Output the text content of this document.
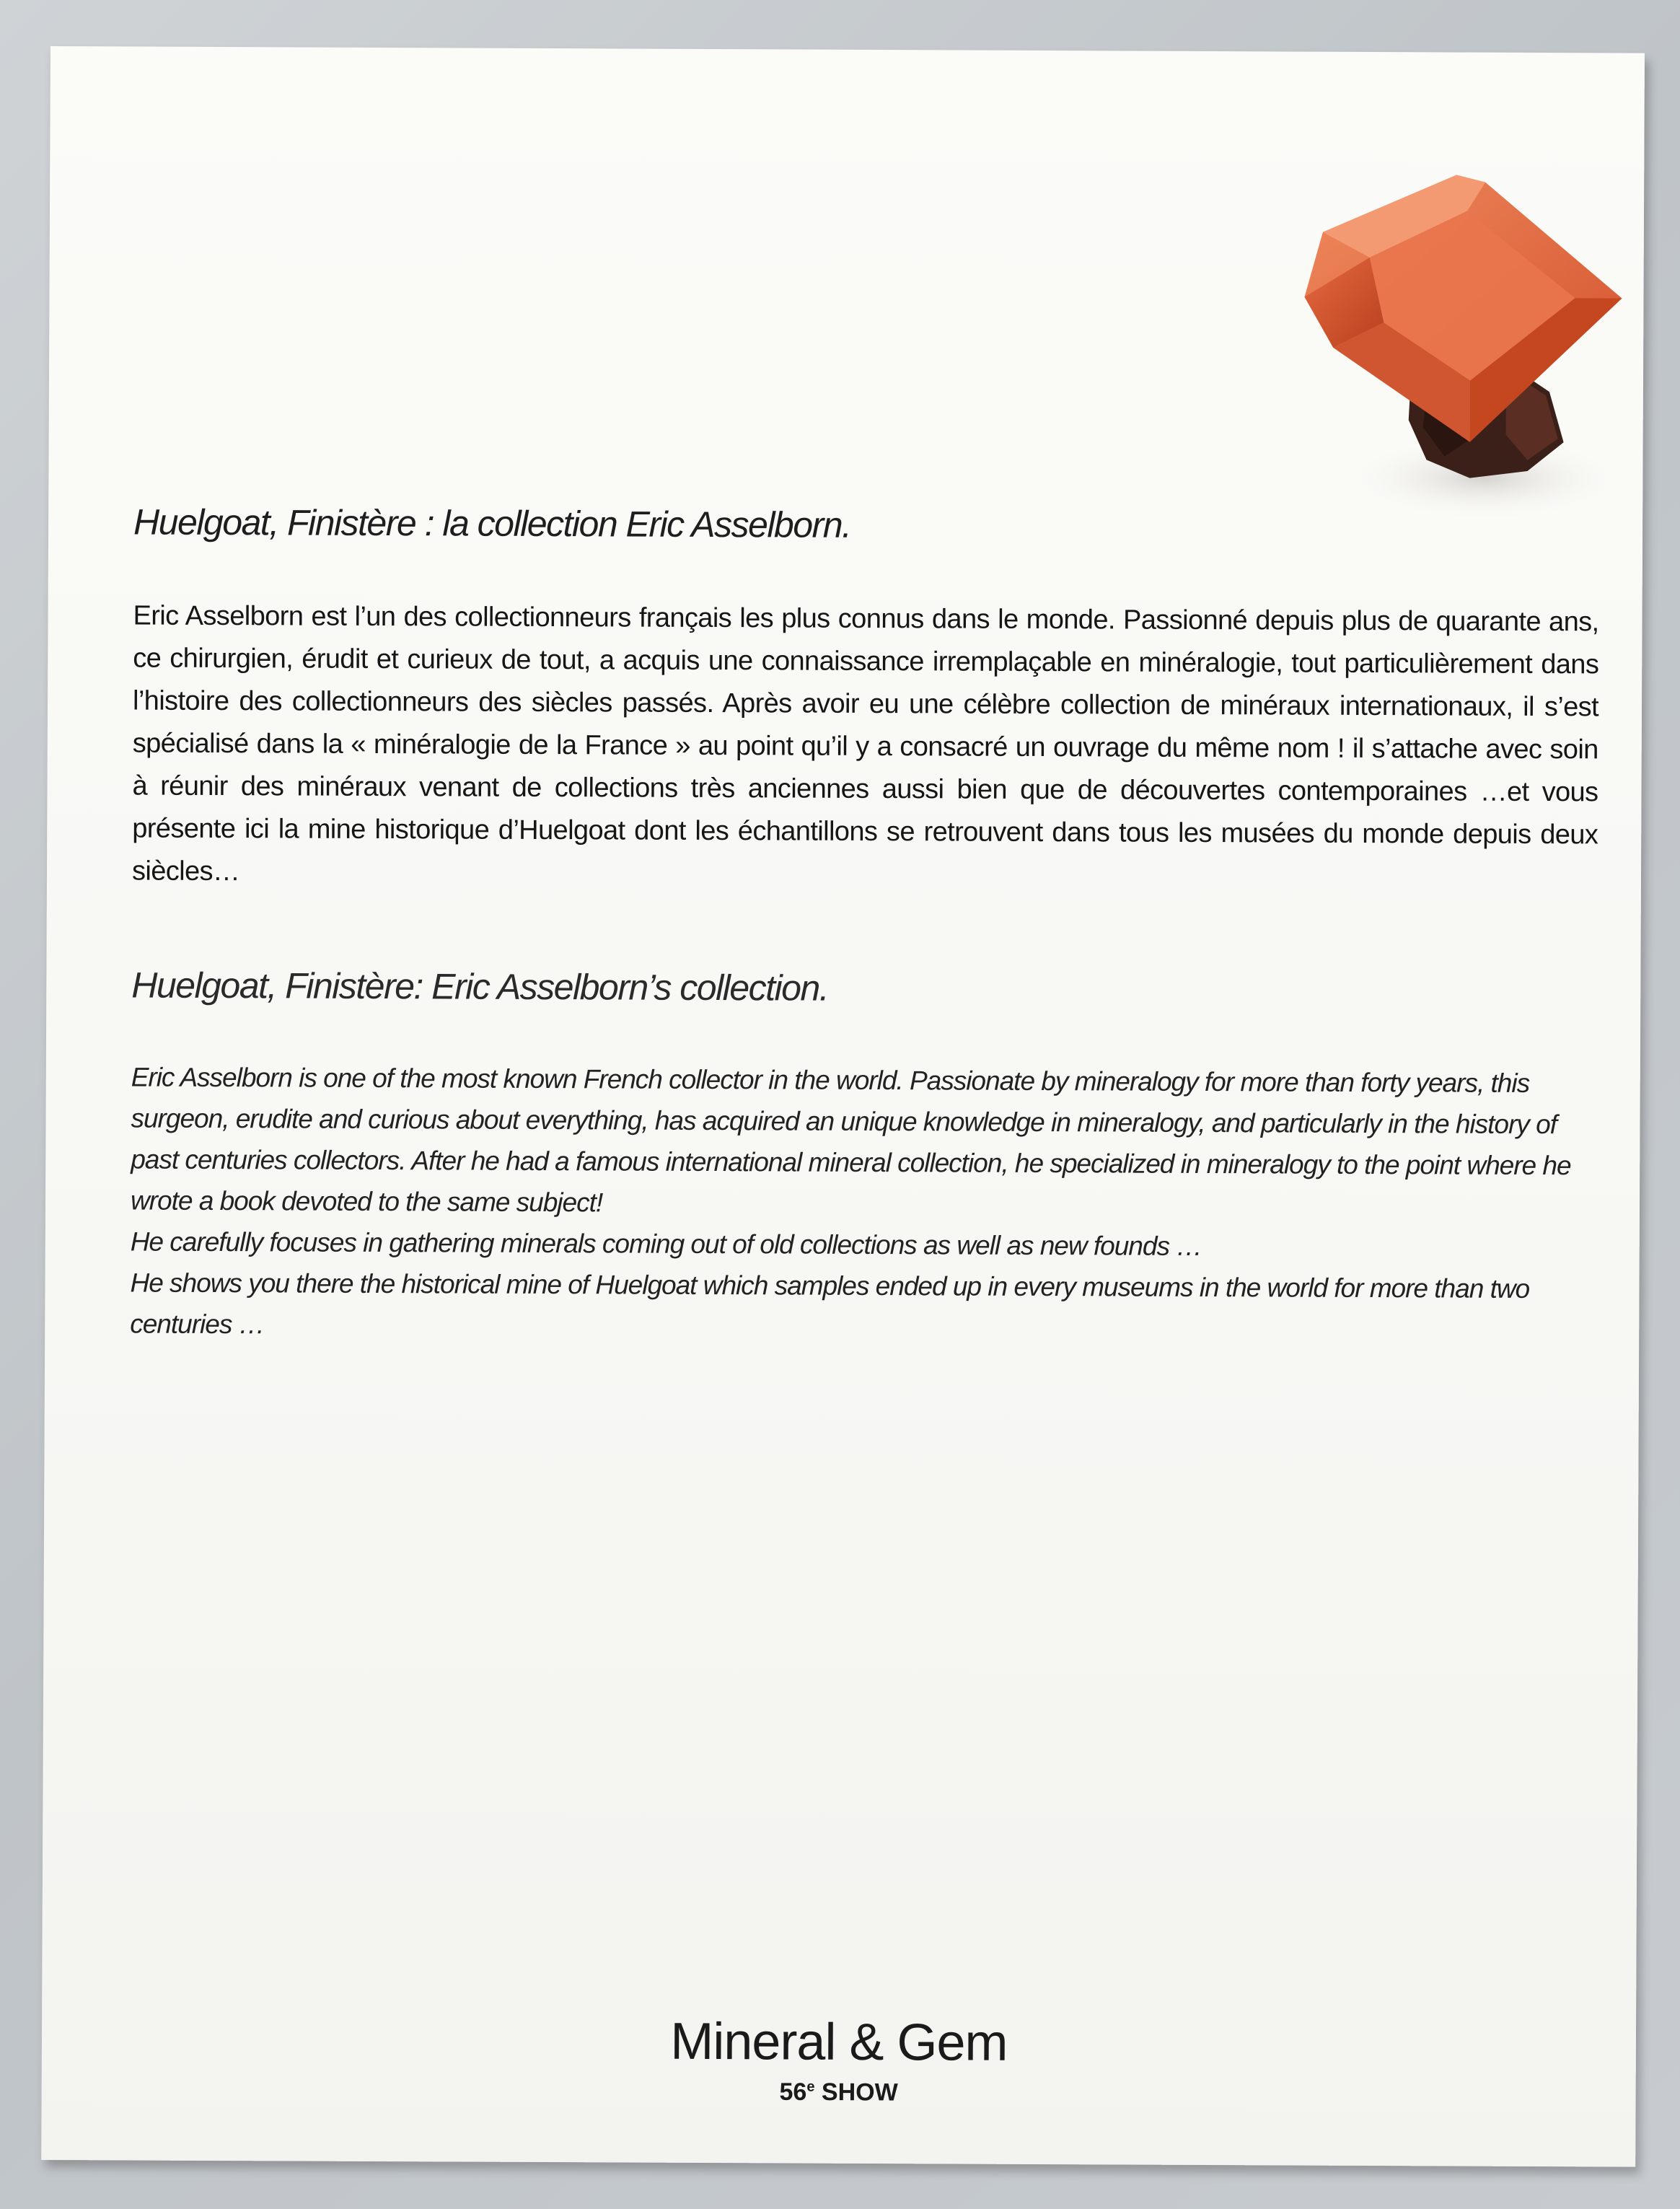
Huelgoat, Finistère : la collection Eric Asselborn.
Eric Asselborn est l’un des collectionneurs français les plus connus dans le monde. Passionné depuis plus de quarante ans, ce chirurgien, érudit et curieux de tout, a acquis une connaissance irremplaçable en minéralogie, tout particulièrement dans l’histoire des collectionneurs des siècles passés. Après avoir eu une célèbre collection de minéraux internationaux, il s’est spécialisé dans la « minéralogie de la France » au point qu’il y a consacré un ouvrage du même nom ! il s’attache avec soin à réunir des minéraux venant de collections très anciennes aussi bien que de découvertes contemporaines …et vous présente ici la mine historique d’Huelgoat dont les échantillons se retrouvent dans tous les musées du monde depuis deux siècles…
Huelgoat, Finistère: Eric Asselborn’s collection.

Eric Asselborn is one of the most known French collector in the world. Passionate by mineralogy for more than forty years, this surgeon, erudite and curious about everything, has acquired an unique knowledge in mineralogy, and particularly in the history of past centuries collectors. After he had a famous international mineral collection, he specialized in mineralogy to the point where he wrote a book devoted to the same subject!

He carefully focuses in gathering minerals coming out of old collections as well as new founds …

He shows you there the historical mine of Huelgoat which samples ended up in every museums in the world for more than two centuries …

Mineral & Gem
56e SHOW
